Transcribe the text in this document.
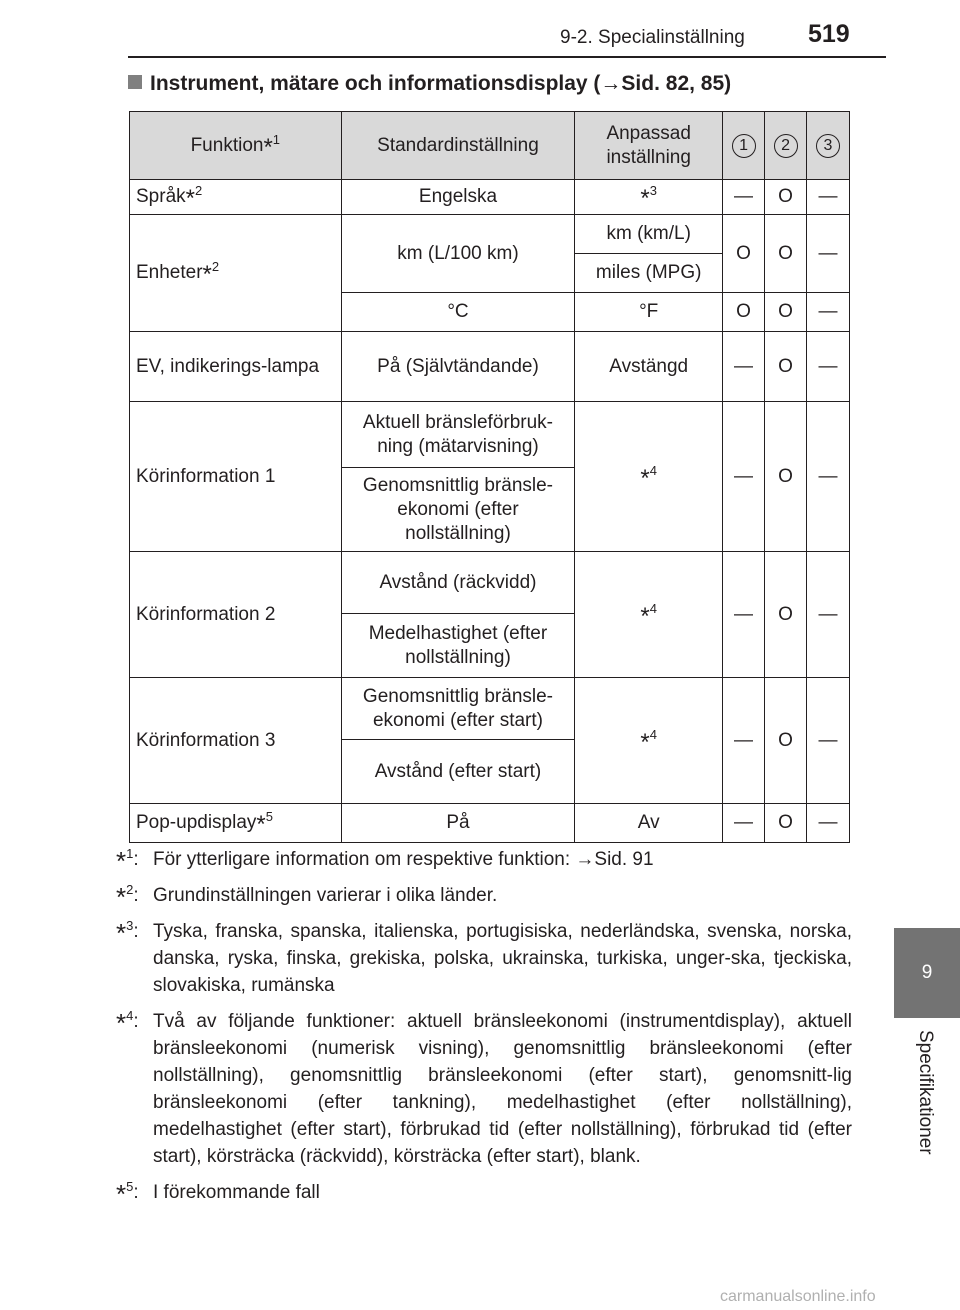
9-2. Specialinställning	519
Instrument, mätare och informationsdisplay (→Sid. 82, 85)
Funktion*$^1$	Standardinställning	Anpassad inställning	1	2	3
Språk*$^2$	Engelska	*$^3$	—	O	—
Enheter*$^2$	km (L/100 km)	km (km/L)	O	O	—
		miles (MPG)			
	°C	°F	O	O	—
EV, indikerings-lampa	På (Självtändande)	Avstängd	—	O	—
Körinformation 1	Aktuell bränsleförbruk-ning (mätarvisning)	*$^4$	—	O	—
	Genomsnittlig bränsle-ekonomi (efter nollställning)				
Körinformation 2	Avstånd (räckvidd)	*$^4$	—	O	—
	Medelhastighet (efter nollställning)				
Körinformation 3	Genomsnittlig bränsle-ekonomi (efter start)	*$^4$	—	O	—
	Avstånd (efter start)				
Pop-updisplay*$^5$	På	Av	—	O	—
*$^1$: För ytterligare information om respektive funktion: →Sid. 91
*$^2$: Grundinställningen varierar i olika länder.
*$^3$: Tyska, franska, spanska, italienska, portugisiska, nederländska, svenska, norska, danska, ryska, finska, grekiska, polska, ukrainska, turkiska, unger-ska, tjeckiska, slovakiska, rumänska
*$^4$: Två av följande funktioner: aktuell bränsleekonomi (instrumentdisplay), aktuell bränsleekonomi (numerisk visning), genomsnittlig bränsleekonomi (efter nollställning), genomsnittlig bränsleekonomi (efter start), genomsnitt-lig bränsleekonomi (efter tankning), medelhastighet (efter nollställning), medelhastighet (efter start), förbrukad tid (efter nollställning), förbrukad tid (efter start), körsträcka (räckvidd), körsträcka (efter start), blank.
*$^5$: I förekommande fall
9
Specifikationer
carmanualsonline.info
